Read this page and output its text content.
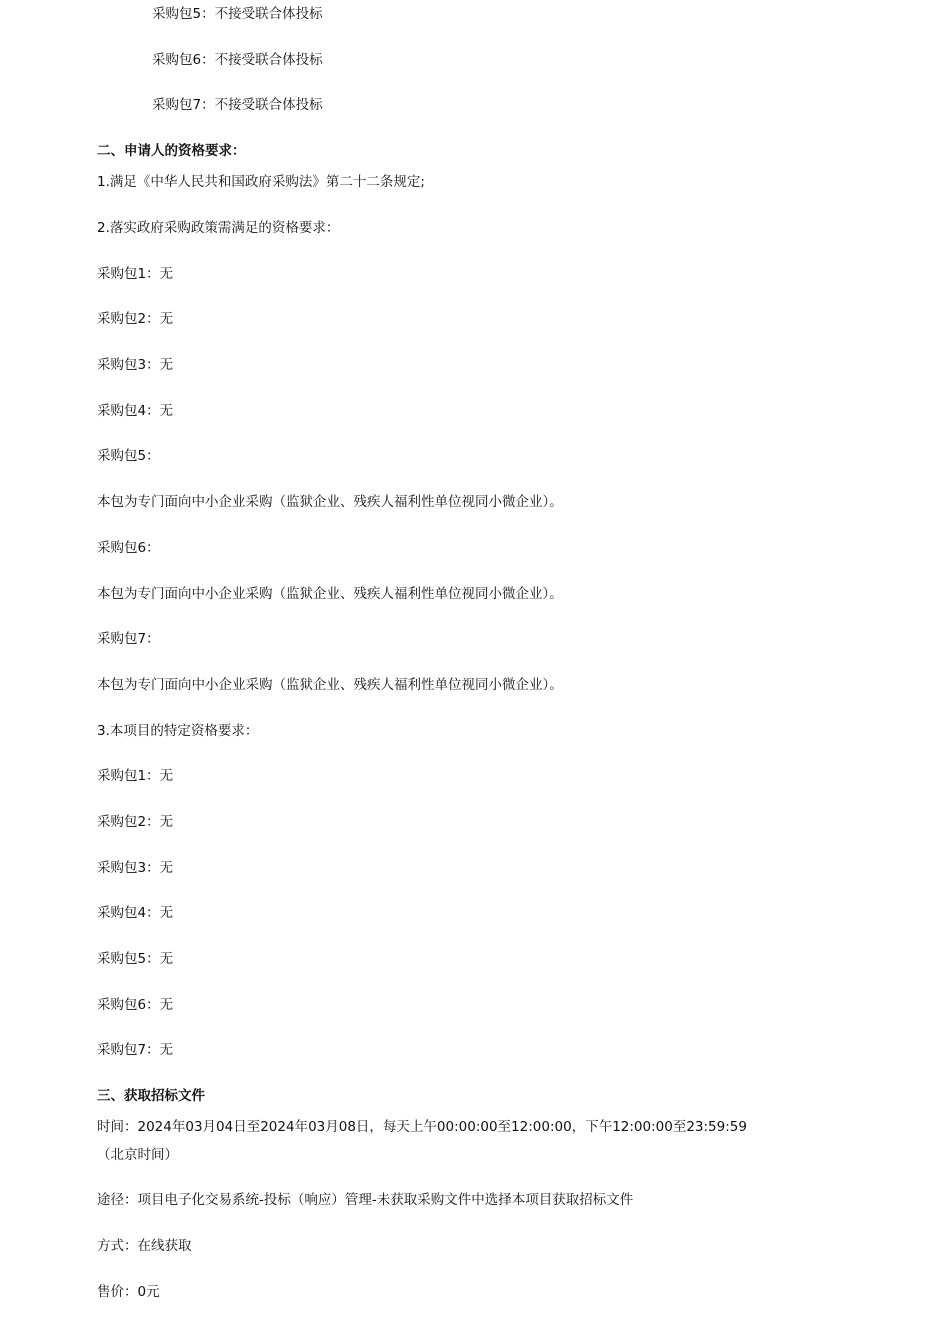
采购包5：不接受联合体投标
采购包6：不接受联合体投标
采购包7：不接受联合体投标
二、申请人的资格要求：
1.满足《中华人民共和国政府采购法》第二十二条规定;
2.落实政府采购政策需满足的资格要求：
采购包1：无
采购包2：无
采购包3：无
采购包4：无
采购包5：
本包为专门面向中小企业采购（监狱企业、残疾人福利性单位视同小微企业）。
采购包6：
本包为专门面向中小企业采购（监狱企业、残疾人福利性单位视同小微企业）。
采购包7：
本包为专门面向中小企业采购（监狱企业、残疾人福利性单位视同小微企业）。
3.本项目的特定资格要求：
采购包1：无
采购包2：无
采购包3：无
采购包4：无
采购包5：无
采购包6：无
采购包7：无
三、获取招标文件
时间：2024年03月04日至2024年03月08日，每天上午00:00:00至12:00:00，下午12:00:00至23:59:59（北京时间）
途径：项目电子化交易系统-投标（响应）管理-未获取采购文件中选择本项目获取招标文件
方式：在线获取
售价：0元
